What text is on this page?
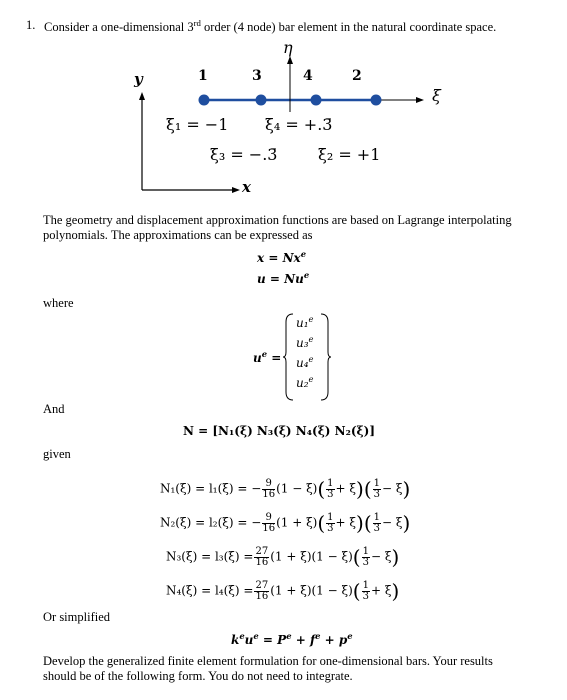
1. Consider a one-dimensional 3rd order (4 node) bar element in the natural coordinate space.
η
y
x
ξ
1	3	4	2
ξ₁ = −1 ξ₄ = +.3̄
ξ₃ = −.3̄	ξ₂ = +1
The geometry and displacement approximation functions are based on Lagrange interpolating
polynomials. The approximations can be expressed as
$x = Nx^e$
$u = Nu^e$
where
$u^e$ =
u₁$^e$
u₃$^e$
u₄$^e$
u₂$^e$
And
N = [N₁(ξ) N₃(ξ) N₄(ξ) N₂(ξ)]
given
N₁(ξ) = l₁(ξ) = − $\frac{9}{16} (1 - \xi)( \frac{1}{3} + \xi)( \frac{1}{3} - \xi)$
N₂(ξ) = l₂(ξ) = − $\frac{9}{16} (1 + \xi)( \frac{1}{3} + \xi)( \frac{1}{3} - \xi)$
$N_3(\xi) = l_3(\xi) = \frac{27}{16} (1 + \xi)(1 - \xi)( \frac{1}{3} - \xi)$
$N_4(\xi) = l_4(\xi) = \frac{27}{16} (1 + \xi)(1 - \xi)( \frac{1}{3} + \xi)$
Or simplified
$k^eu^e = P^e + f^e + p^e$
Develop the generalized finite element formulation for one-dimensional bars. Your results
should be of the following form. You do not need to integrate.
